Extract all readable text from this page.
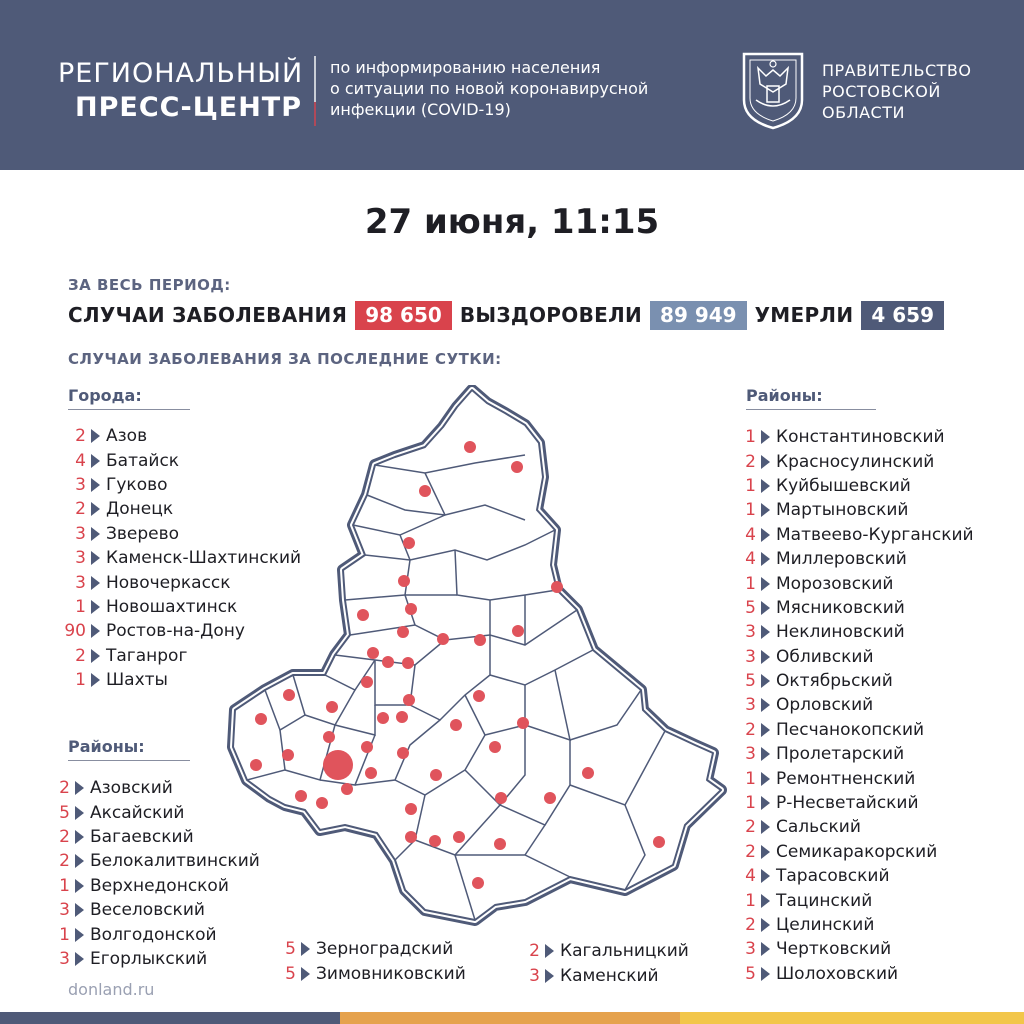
РЕГИОНАЛЬНЫЙ
ПРЕСС-ЦЕНТР
по информированию населения
о ситуации по новой коронавирусной
инфекции (COVID-19)
ПРАВИТЕЛЬСТВО
РОСТОВСКОЙ
ОБЛАСТИ
27 июня, 11:15
ЗА ВЕСЬ ПЕРИОД:
СЛУЧАИ ЗАБОЛЕВАНИЯ 98 650 ВЫЗДОРОВЕЛИ 89 949 УМЕРЛИ 4 659
СЛУЧАИ ЗАБОЛЕВАНИЯ ЗА ПОСЛЕДНИЕ СУТКИ:
Города:
Районы:
Районы:
2 Азов
4 Батайск
3 Гуково
2 Донецк
3 Зверево
3 Каменск-Шахтинский
3 Новочеркасск
1 Новошахтинск
90 Ростов-на-Дону
2 Таганрог
1 Шахты
2 Азовский
5 Аксайский
2 Багаевский
2 Белокалитвинский
1 Верхнедонской
3 Веселовский
1 Волгодонской
3 Егорлыкский	5 Зерноградский
5 Зимовниковский
2 Кагальницкий
3 Каменский
1 Константиновский
2 Красносулинский
1 Куйбышевский
1 Мартыновский
4 Матвеево-Курганский
4 Миллеровский
1 Морозовский
5 Мясниковский
3 Неклиновский
3 Обливский
5 Октябрьский
3 Орловский
2 Песчанокопский
3 Пролетарский
1 Ремонтненский
1 Р-Несветайский
2 Сальский
2 Семикаракорский
4 Тарасовский
1 Тацинский
2 Целинский
3 Чертковский
5 Шолоховский
donland.ru
